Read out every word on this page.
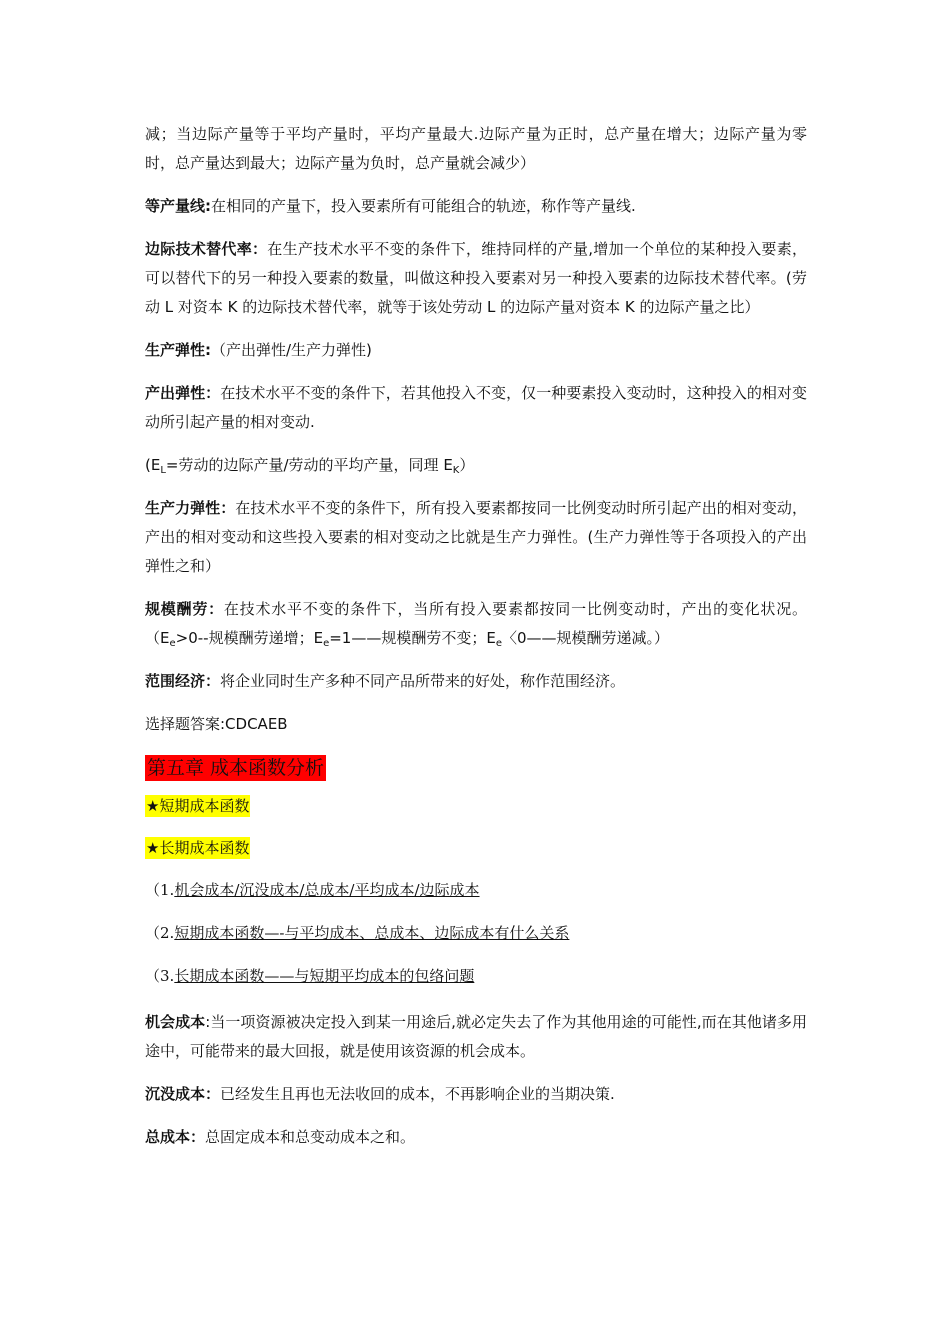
减；当边际产量等于平均产量时，平均产量最大.边际产量为正时，总产量在增大；边际产量为零时，总产量达到最大；边际产量为负时，总产量就会减少）

等产量线:在相同的产量下，投入要素所有可能组合的轨迹，称作等产量线.

边际技术替代率：在生产技术水平不变的条件下，维持同样的产量,增加一个单位的某种投入要素，可以替代下的另一种投入要素的数量，叫做这种投入要素对另一种投入要素的边际技术替代率。(劳动 L 对资本 K 的边际技术替代率，就等于该处劳动 L 的边际产量对资本 K 的边际产量之比）

生产弹性:（产出弹性/生产力弹性)

产出弹性：在技术水平不变的条件下，若其他投入不变，仅一种要素投入变动时，这种投入的相对变动所引起产量的相对变动.

($E_L=$劳动的边际产量/劳动的平均产量，同理 $E_K$）

生产力弹性：在技术水平不变的条件下，所有投入要素都按同一比例变动时所引起产出的相对变动，产出的相对变动和这些投入要素的相对变动之比就是生产力弹性。(生产力弹性等于各项投入的产出弹性之和）

规模酬劳：在技术水平不变的条件下，当所有投入要素都按同一比例变动时，产出的变化状况。（$E_e>0--$规模酬劳递增；$E_e=1——$规模酬劳不变；$E_e$〈0——规模酬劳递减。）

范围经济：将企业同时生产多种不同产品所带来的好处，称作范围经济。

选择题答案:CDCAEB

第五章 成本函数分析
★短期成本函数
★长期成本函数
（1.机会成本/沉没成本/总成本/平均成本/边际成本
（2.短期成本函数—-与平均成本、总成本、边际成本有什么关系
（3.长期成本函数——与短期平均成本的包络问题

机会成本:当一项资源被决定投入到某一用途后,就必定失去了作为其他用途的可能性,而在其他诸多用途中，可能带来的最大回报，就是使用该资源的机会成本。

沉没成本：已经发生且再也无法收回的成本，不再影响企业的当期决策.

总成本：总固定成本和总变动成本之和。
